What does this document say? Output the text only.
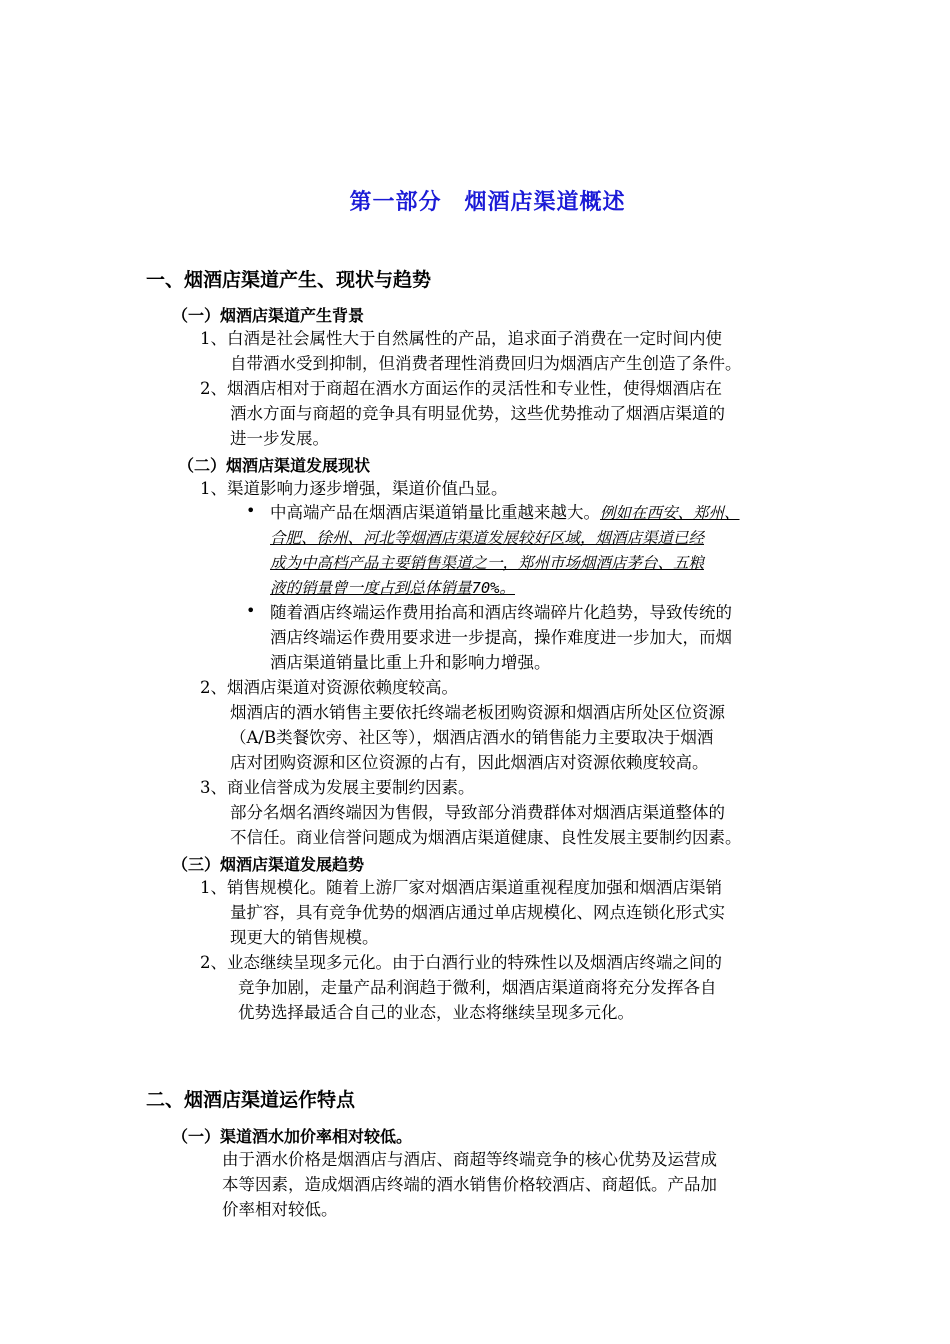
第一部分　烟酒店渠道概述
一、烟酒店渠道产生、现状与趋势
（一）烟酒店渠道产生背景
1、白酒是社会属性大于自然属性的产品，追求面子消费在一定时间内使
自带酒水受到抑制，但消费者理性消费回归为烟酒店产生创造了条件。
2、烟酒店相对于商超在酒水方面运作的灵活性和专业性，使得烟酒店在
酒水方面与商超的竞争具有明显优势，这些优势推动了烟酒店渠道的
进一步发展。
（二）烟酒店渠道发展现状
1、渠道影响力逐步增强，渠道价值凸显。
• 中高端产品在烟酒店渠道销量比重越来越大。例如在西安、郑州、
合肥、徐州、河北等烟酒店渠道发展较好区域，烟酒店渠道已经
成为中高档产品主要销售渠道之一，郑州市场烟酒店茅台、五粮
液的销量曾一度占到总体销量70%。
• 随着酒店终端运作费用抬高和酒店终端碎片化趋势，导致传统的
酒店终端运作费用要求进一步提高，操作难度进一步加大，而烟
酒店渠道销量比重上升和影响力增强。
2、烟酒店渠道对资源依赖度较高。
烟酒店的酒水销售主要依托终端老板团购资源和烟酒店所处区位资源
（A/B类餐饮旁、社区等），烟酒店酒水的销售能力主要取决于烟酒
店对团购资源和区位资源的占有，因此烟酒店对资源依赖度较高。
3、商业信誉成为发展主要制约因素。
部分名烟名酒终端因为售假，导致部分消费群体对烟酒店渠道整体的
不信任。商业信誉问题成为烟酒店渠道健康、良性发展主要制约因素。
（三）烟酒店渠道发展趋势
1、销售规模化。随着上游厂家对烟酒店渠道重视程度加强和烟酒店渠销
量扩容，具有竞争优势的烟酒店通过单店规模化、网点连锁化形式实
现更大的销售规模。
2、业态继续呈现多元化。由于白酒行业的特殊性以及烟酒店终端之间的
竞争加剧，走量产品利润趋于微利，烟酒店渠道商将充分发挥各自
优势选择最适合自己的业态，业态将继续呈现多元化。
二、烟酒店渠道运作特点
（一）渠道酒水加价率相对较低。
由于酒水价格是烟酒店与酒店、商超等终端竞争的核心优势及运营成
本等因素，造成烟酒店终端的酒水销售价格较酒店、商超低。产品加
价率相对较低。
